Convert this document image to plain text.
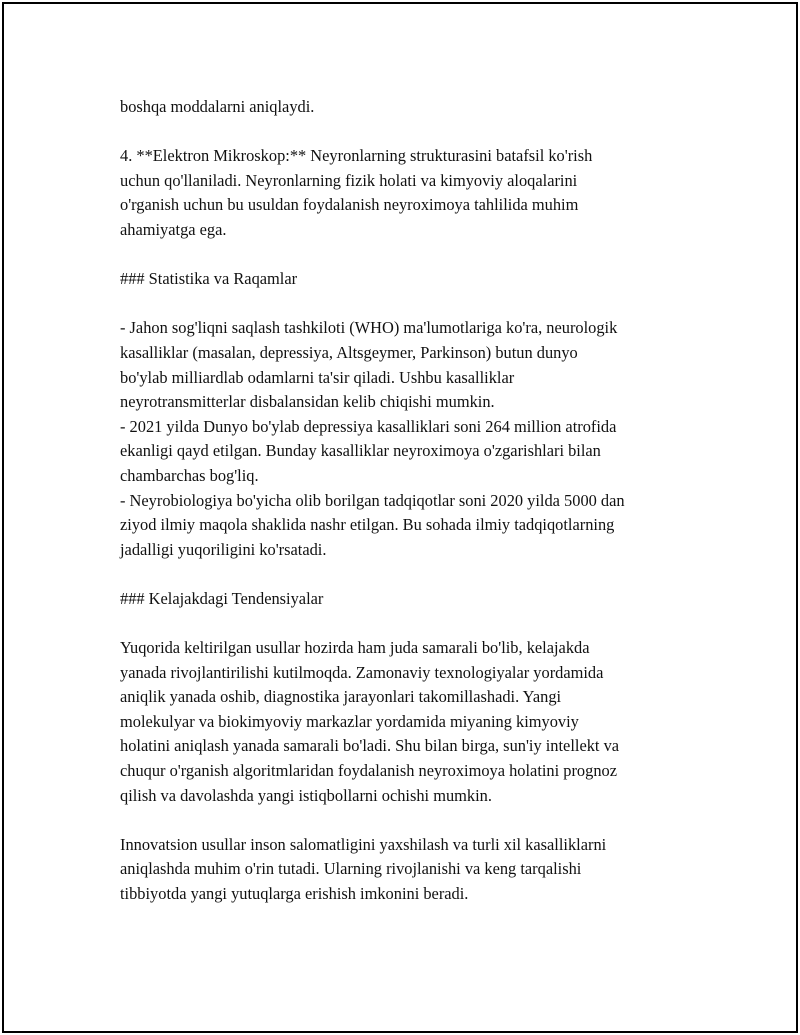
boshqa moddalarni aniqlaydi.

4. **Elektron Mikroskop:** Neyronlarning strukturasini batafsil ko'rish
uchun qo'llaniladi. Neyronlarning fizik holati va kimyoviy aloqalarini
o'rganish uchun bu usuldan foydalanish neyroximoya tahlilida muhim
ahamiyatga ega.

### Statistika va Raqamlar

- Jahon sog'liqni saqlash tashkiloti (WHO) ma'lumotlariga ko'ra, neurologik
kasalliklar (masalan, depressiya, Altsgeymer, Parkinson) butun dunyo
bo'ylab milliardlab odamlarni ta'sir qiladi. Ushbu kasalliklar
neyrotransmitterlar disbalansidan kelib chiqishi mumkin.
- 2021 yilda Dunyo bo'ylab depressiya kasalliklari soni 264 million atrofida
ekanligi qayd etilgan. Bunday kasalliklar neyroximoya o'zgarishlari bilan
chambarchas bog'liq.
- Neyrobiologiya bo'yicha olib borilgan tadqiqotlar soni 2020 yilda 5000 dan
ziyod ilmiy maqola shaklida nashr etilgan. Bu sohada ilmiy tadqiqotlarning
jadalligi yuqoriligini ko'rsatadi.

### Kelajakdagi Tendensiyalar

Yuqorida keltirilgan usullar hozirda ham juda samarali bo'lib, kelajakda
yanada rivojlantirilishi kutilmoqda. Zamonaviy texnologiyalar yordamida
aniqlik yanada oshib, diagnostika jarayonlari takomillashadi. Yangi
molekulyar va biokimyoviy markazlar yordamida miyaning kimyoviy
holatini aniqlash yanada samarali bo'ladi. Shu bilan birga, sun'iy intellekt va
chuqur o'rganish algoritmlaridan foydalanish neyroximoya holatini prognoz
qilish va davolashda yangi istiqbollarni ochishi mumkin.

Innovatsion usullar inson salomatligini yaxshilash va turli xil kasalliklarni
aniqlashda muhim o'rin tutadi. Ularning rivojlanishi va keng tarqalishi
tibbiyotda yangi yutuqlarga erishish imkonini beradi.
